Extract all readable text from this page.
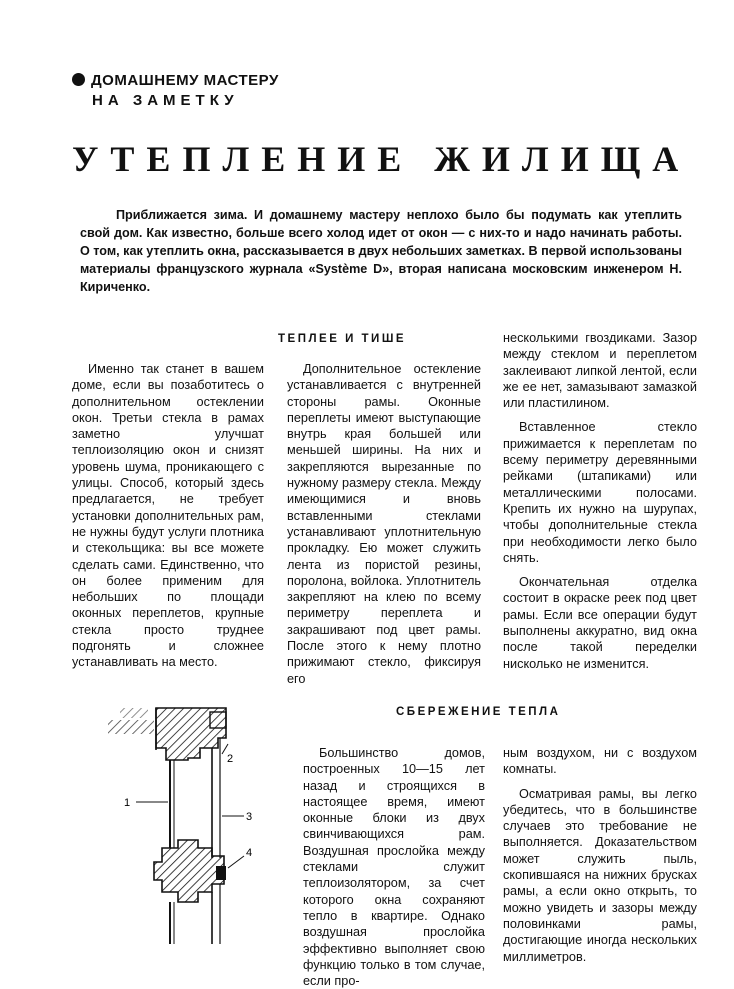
ДОМАШНЕМУ МАСТЕРУ
НА ЗАМЕТКУ
УТЕПЛЕНИЕ ЖИЛИЩА
Приближается зима. И домашнему мастеру неплохо было бы подумать как утеплить свой дом. Как известно, больше всего холод идет от окон — с них-то и надо начинать работы. О том, как утеплить окна, рассказывается в двух небольших заметках. В первой использованы материалы французского журнала «Système D», вторая написана московским инженером Н. Кириченко.
ТЕПЛЕЕ И ТИШЕ

Именно так станет в вашем доме, если вы позаботитесь о дополнительном остеклении окон. Третьи стекла в рамах заметно улучшат теплоизоляцию окон и снизят уровень шума, проникающего с улицы. Способ, который здесь предлагается, не требует установки дополнительных рам, не нужны будут услуги плотника и стекольщика: вы все можете сделать сами. Единственно, что он более применим для небольших по площади оконных переплетов, крупные стекла просто труднее подгонять и сложнее устанавливать на место.

Дополнительное остекление устанавливается с внутренней стороны рамы. Оконные переплеты имеют выступающие внутрь края большей или меньшей ширины. На них и закрепляются вырезанные по нужному размеру стекла. Между имеющимися и вновь вставленными стеклами устанавливают уплотнительную прокладку. Ею может служить лента из пористой резины, поролона, войлока. Уплотнитель закрепляют на клею по всему периметру переплета и закрашивают под цвет рамы. После этого к нему плотно прижимают стекло, фиксируя его

несколькими гвоздиками. Зазор между стеклом и переплетом заклеивают липкой лентой, если же ее нет, замазывают замазкой или пластилином.

Вставленное стекло прижимается к переплетам по всему периметру деревянными рейками (штапиками) или металлическими полосами. Крепить их нужно на шурупах, чтобы дополнительные стекла при необходимости легко было снять.

Окончательная отделка состоит в окраске реек под цвет рамы. Если все операции будут выполнены аккуратно, вид окна после такой переделки нисколько не изменится.

СБЕРЕЖЕНИЕ ТЕПЛА

Большинство домов, построенных 10—15 лет назад и строящихся в настоящее время, имеют оконные блоки из двух свинчивающихся рам. Воздушная прослойка между стеклами служит теплоизолятором, за счет которого окна сохраняют тепло в квартире. Однако воздушная прослойка эффективно выполняет свою функцию только в том случае, если про-

ным воздухом, ни с воздухом комнаты.

Осматривая рамы, вы легко убедитесь, что в большинстве случаев это требование не выполняется. Доказательством может служить пыль, скопившаяся на нижних брусках рамы, а если окно открыть, то можно увидеть и зазоры между половинками рамы, достигающие иногда нескольких миллиметров.

1
2
3
4
